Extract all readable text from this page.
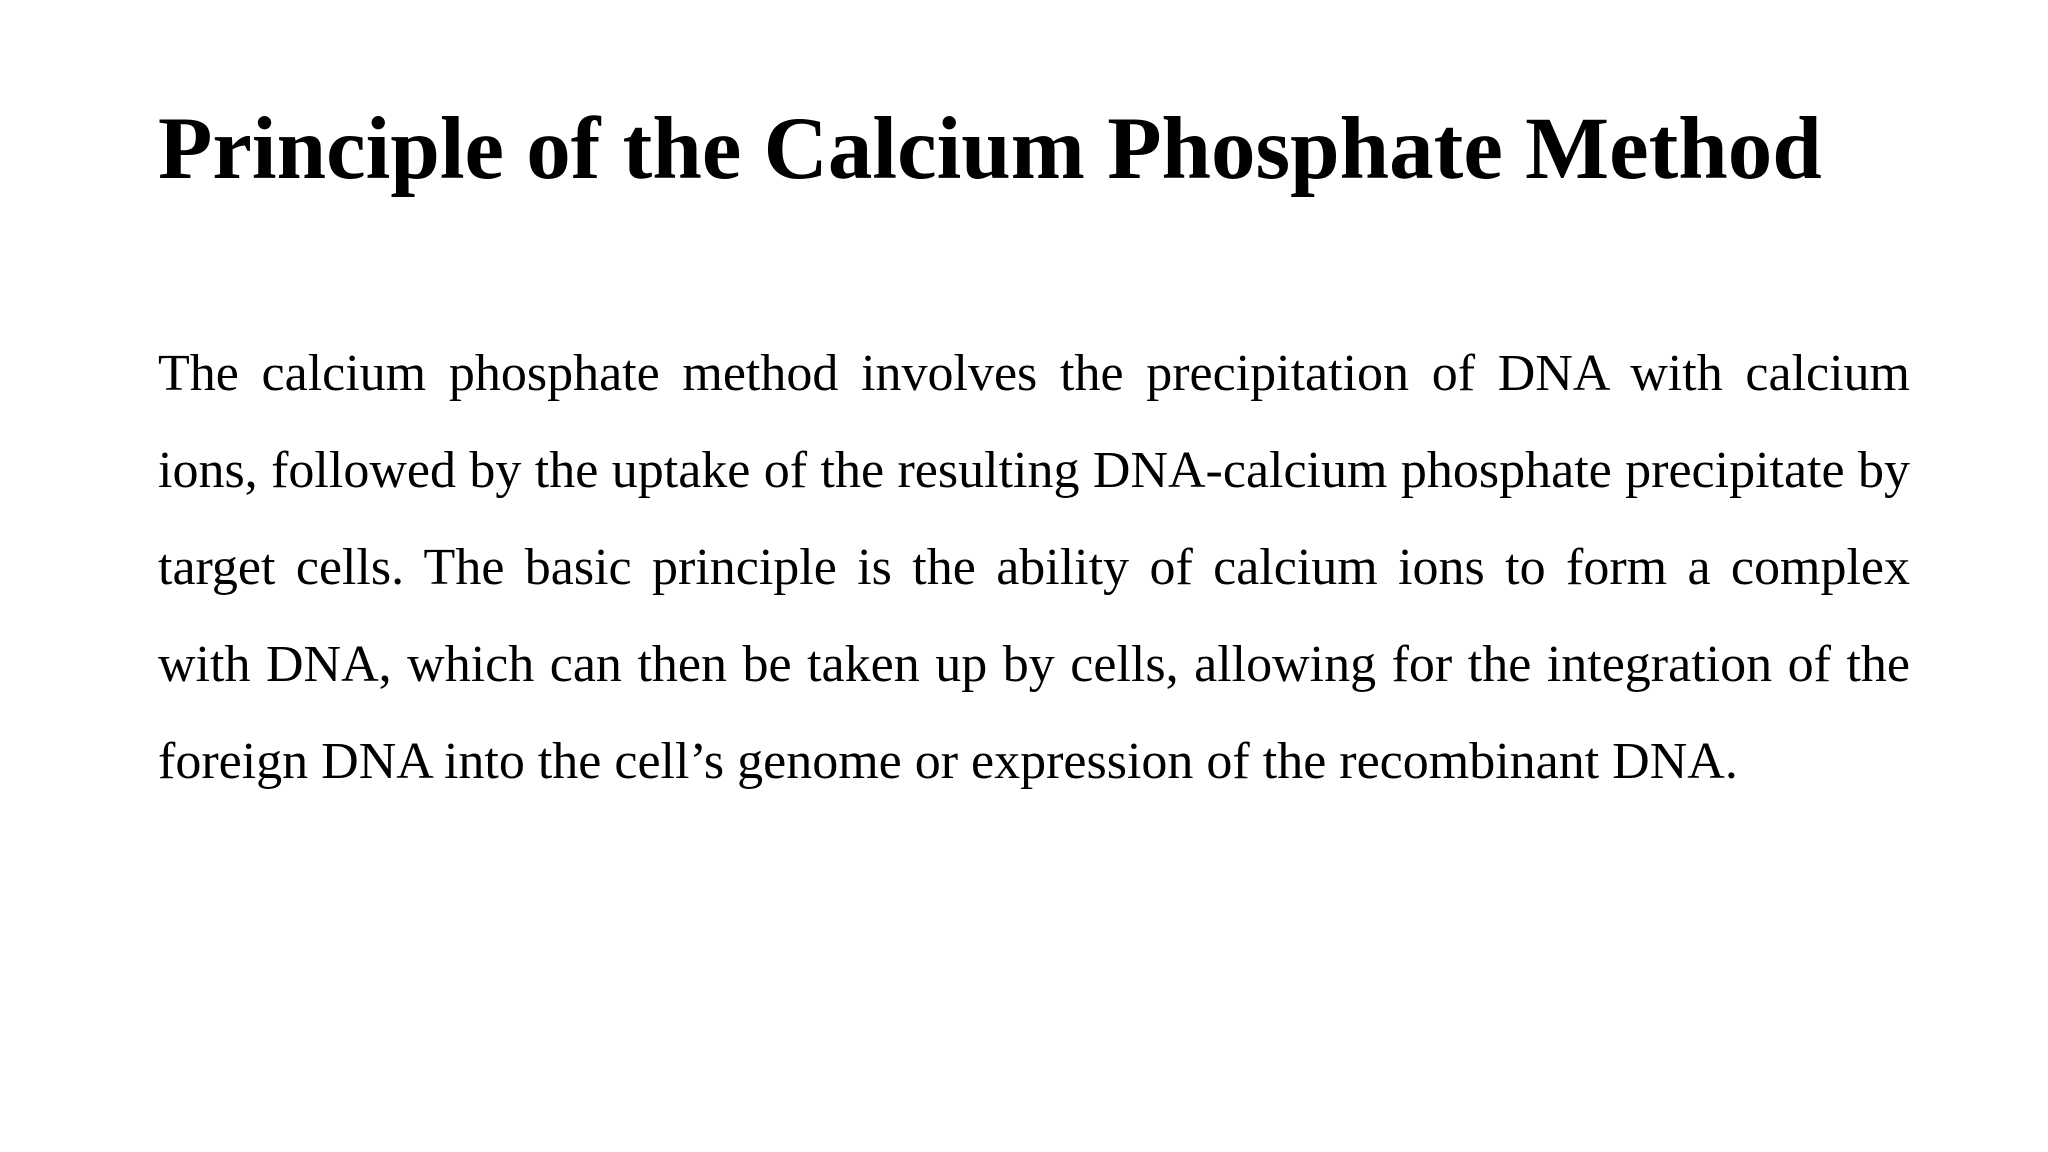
Principle of the Calcium Phosphate Method

The calcium phosphate method involves the precipitation of DNA with calcium ions, followed by the uptake of the resulting DNA-calcium phosphate precipitate by target cells. The basic principle is the ability of calcium ions to form a complex with DNA, which can then be taken up by cells, allowing for the integration of the foreign DNA into the cell’s genome or expression of the recombinant DNA.
